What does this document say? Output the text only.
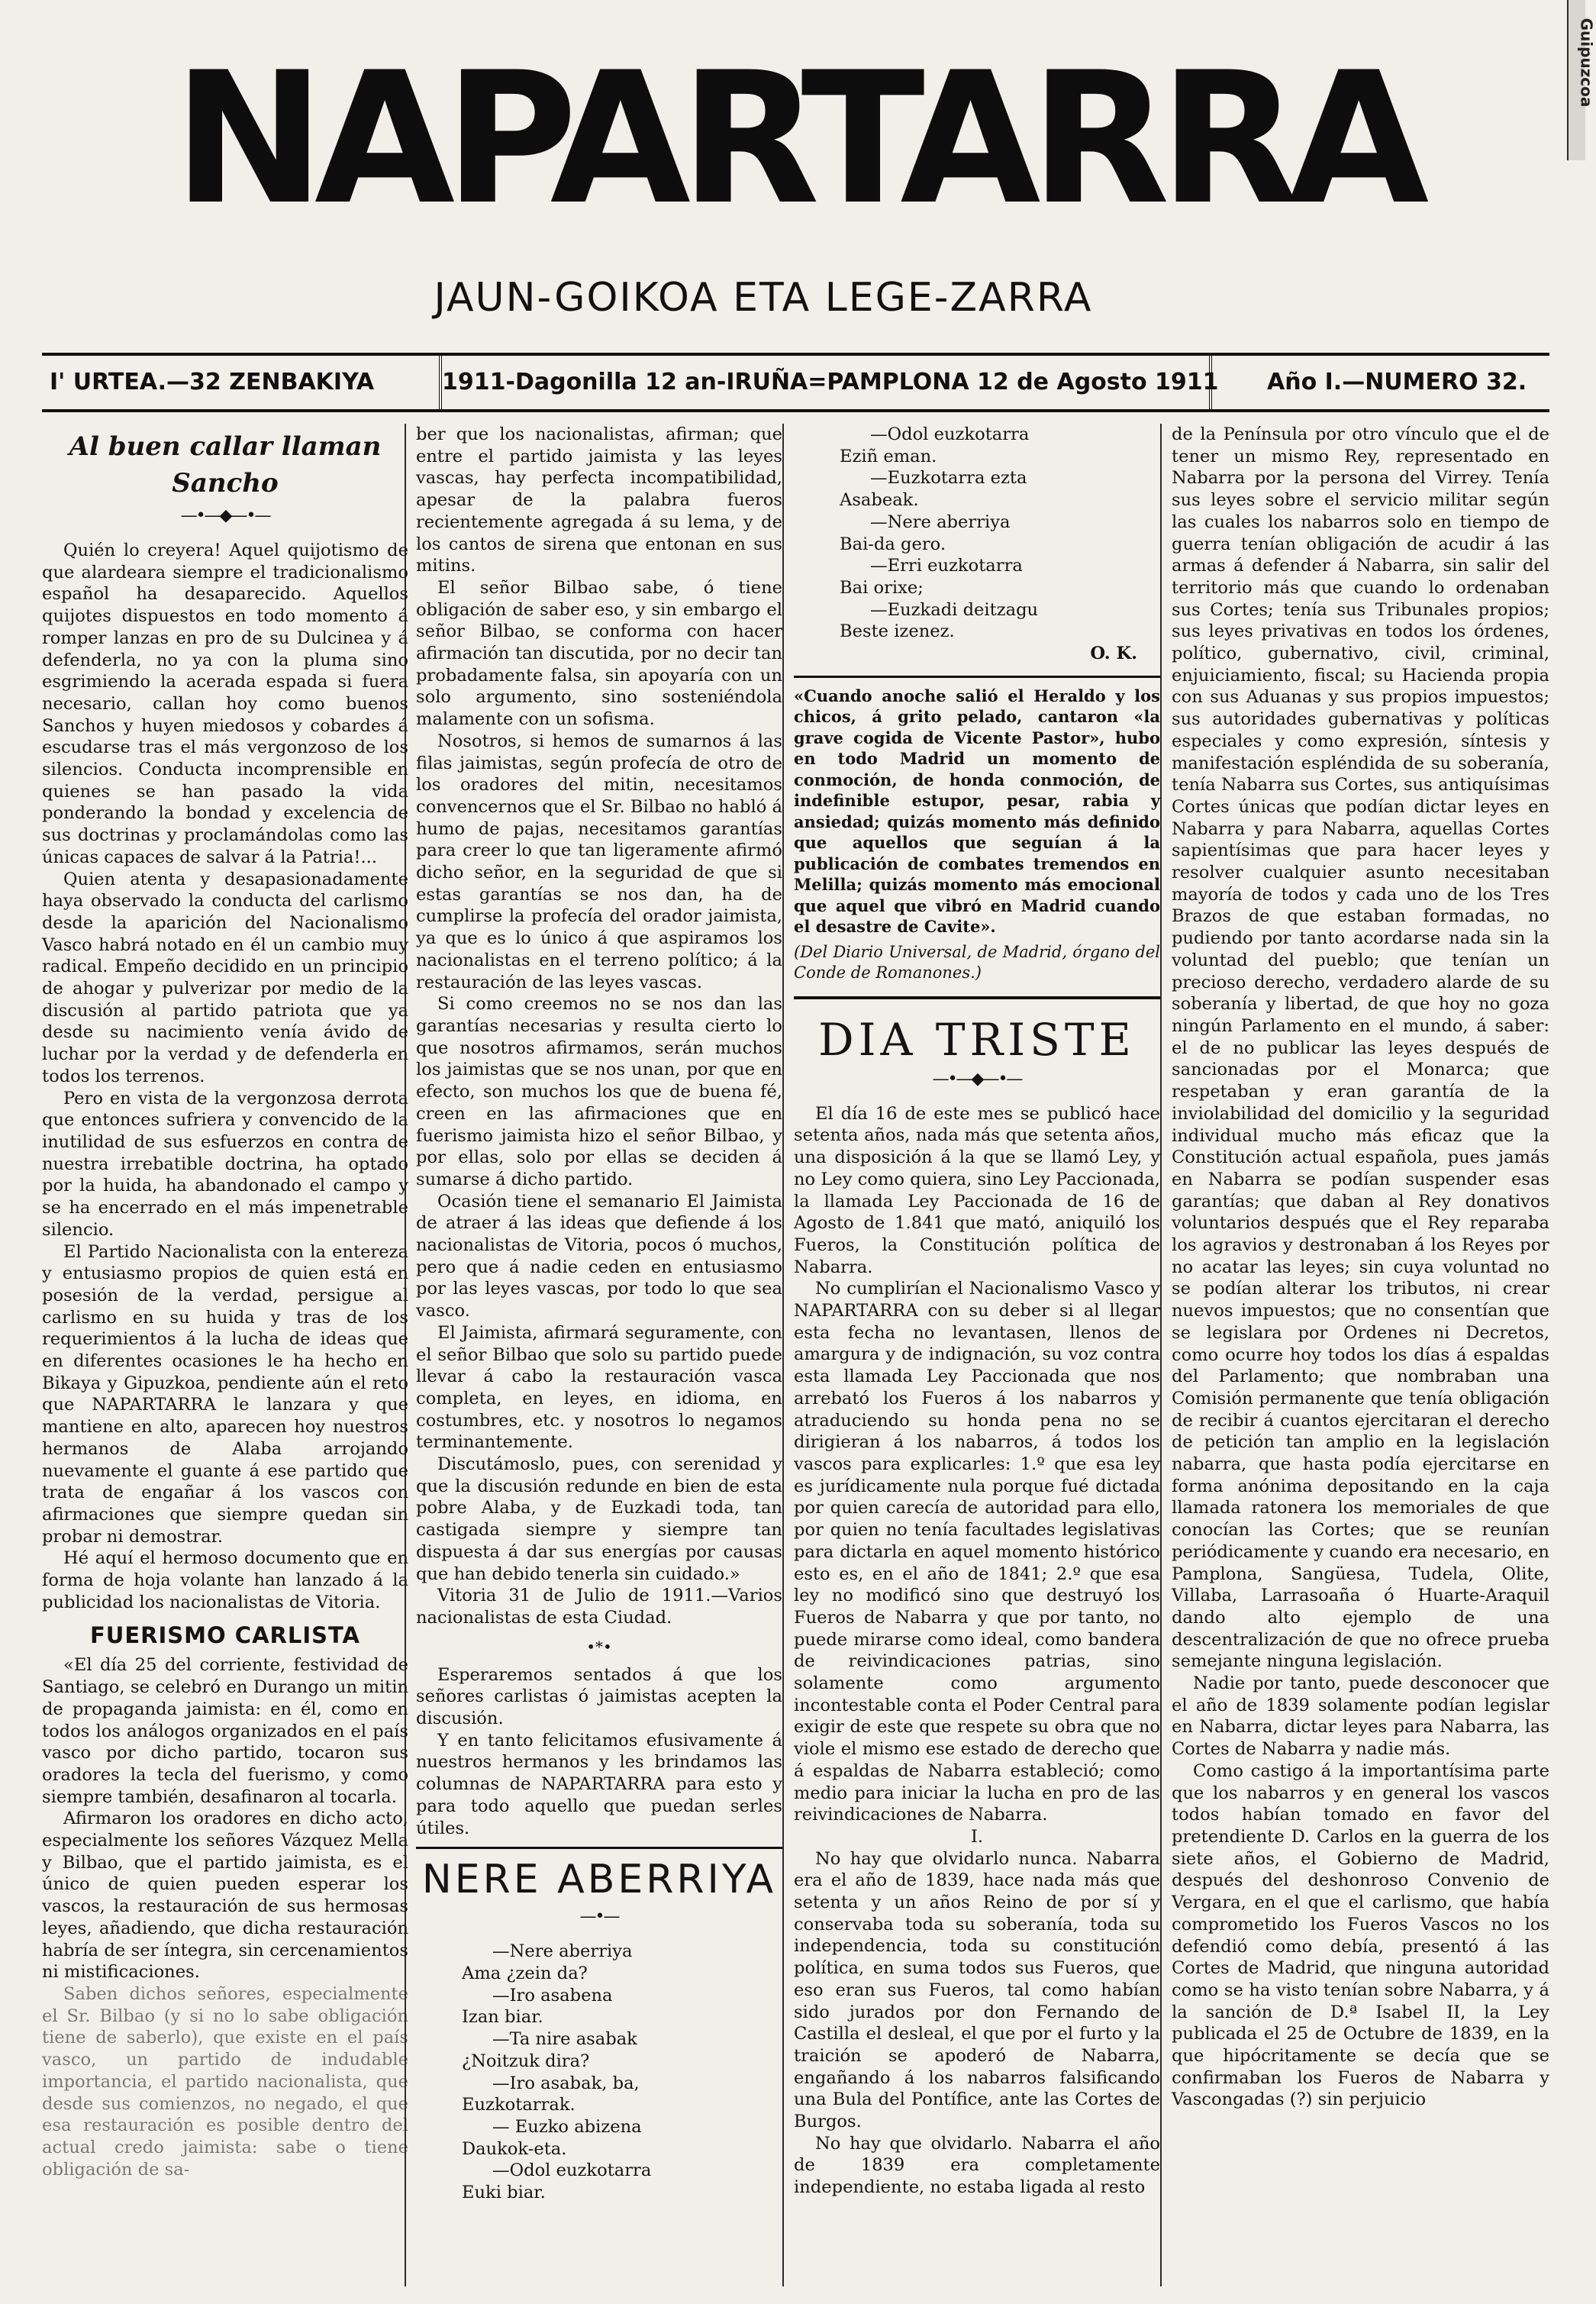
Guipuzcoa
NAPARTARRA
JAUN-GOIKOA ETA LEGE-ZARRA
I' URTEA.—32 ZENBAKIYA	1911-Dagonilla 12 an-IRUÑA=PAMPLONA 12 de Agosto 1911	Año I.—NUMERO 32.
Al buen callar llaman Sancho
—•—◆—•—

Quién lo creyera! Aquel quijotismo de que alardeara siempre el tradicionalismo español ha desaparecido. Aquellos quijotes dispuestos en todo momento á romper lanzas en pro de su Dulcinea y á defenderla, no ya con la pluma sino esgrimiendo la acerada espada si fuera necesario, callan hoy como buenos Sanchos y huyen miedosos y cobardes á escudarse tras el más vergonzoso de los silencios. Conducta incomprensible en quienes se han pasado la vida ponderando la bondad y excelencia de sus doctrinas y proclamándolas como las únicas capaces de salvar á la Patria!...

Quien atenta y desapasionadamente haya observado la conducta del carlismo desde la aparición del Nacionalismo Vasco habrá notado en él un cambio muy radical. Empeño decidido en un principio de ahogar y pulverizar por medio de la discusión al partido patriota que ya desde su nacimiento venía ávido de luchar por la verdad y de defenderla en todos los terrenos.

Pero en vista de la vergonzosa derrota que entonces sufriera y convencido de la inutilidad de sus esfuerzos en contra de nuestra irrebatible doctrina, ha optado por la huida, ha abandonado el campo y se ha encerrado en el más impenetrable silencio.

El Partido Nacionalista con la entereza y entusiasmo propios de quien está en posesión de la verdad, persigue al carlismo en su huida y tras de los requerimientos á la lucha de ideas que en diferentes ocasiones le ha hecho en Bikaya y Gipuzkoa, pendiente aún el reto que NAPARTARRA le lanzara y que mantiene en alto, aparecen hoy nuestros hermanos de Alaba arrojando nuevamente el guante á ese partido que trata de engañar á los vascos con afirmaciones que siempre quedan sin probar ni demostrar.

Hé aquí el hermoso documento que en forma de hoja volante han lanzado á la publicidad los nacionalistas de Vitoria.

FUERISMO CARLISTA

«El día 25 del corriente, festividad de Santiago, se celebró en Durango un mitin de propaganda jaimista: en él, como en todos los análogos organizados en el país vasco por dicho partido, tocaron sus oradores la tecla del fuerismo, y como siempre también, desafinaron al tocarla.

Afirmaron los oradores en dicho acto, especialmente los señores Vázquez Mella y Bilbao, que el partido jaimista, es el único de quien pueden esperar los vascos, la restauración de sus hermosas leyes, añadiendo, que dicha restauración habría de ser íntegra, sin cercenamientos ni mistificaciones.

Saben dichos señores, especialmente el Sr. Bilbao (y si no lo sabe obligación tiene de saberlo), que existe en el país vasco, un partido de indudable importancia, el partido nacionalista, que desde sus comienzos, no negado, el que esa restauración es posible dentro del actual credo jaimista: sabe o tiene obligación de sa-

ber que los nacionalistas, afirman; que entre el partido jaimista y las leyes vascas, hay perfecta incompatibilidad, apesar de la palabra fueros recientemente agregada á su lema, y de los cantos de sirena que entonan en sus mitins.

El señor Bilbao sabe, ó tiene obligación de saber eso, y sin embargo el señor Bilbao, se conforma con hacer afirmación tan discutida, por no decir tan probadamente falsa, sin apoyaría con un solo argumento, sino sosteniéndola malamente con un sofisma.

Nosotros, si hemos de sumarnos á las filas jaimistas, según profecía de otro de los oradores del mitin, necesitamos convencernos que el Sr. Bilbao no habló á humo de pajas, necesitamos garantías para creer lo que tan ligeramente afirmó dicho señor, en la seguridad de que si estas garantías se nos dan, ha de cumplirse la profecía del orador jaimista, ya que es lo único á que aspiramos los nacionalistas en el terreno político; á la restauración de las leyes vascas.

Si como creemos no se nos dan las garantías necesarias y resulta cierto lo que nosotros afirmamos, serán muchos los jaimistas que se nos unan, por que en efecto, son muchos los que de buena fé, creen en las afirmaciones que en fuerismo jaimista hizo el señor Bilbao, y por ellas, solo por ellas se deciden á sumarse á dicho partido.

Ocasión tiene el semanario El Jaimista de atraer á las ideas que defiende á los nacionalistas de Vitoria, pocos ó muchos, pero que á nadie ceden en entusiasmo por las leyes vascas, por todo lo que sea vasco.

El Jaimista, afirmará seguramente, con el señor Bilbao que solo su partido puede llevar á cabo la restauración vasca completa, en leyes, en idioma, en costumbres, etc. y nosotros lo negamos terminantemente.

Discutámoslo, pues, con serenidad y que la discusión redunde en bien de esta pobre Alaba, y de Euzkadi toda, tan castigada siempre y siempre tan dispuesta á dar sus energías por causas que han debido tenerla sin cuidado.»

Vitoria 31 de Julio de 1911.—Varios nacionalistas de esta Ciudad.

•*•

Esperaremos sentados á que los señores carlistas ó jaimistas acepten la discusión.

Y en tanto felicitamos efusivamente á nuestros hermanos y les brindamos las columnas de NAPARTARRA para esto y para todo aquello que puedan serles útiles.

NERE ABERRIYA
—•—

—Nere aberriya

Ama ¿zein da?

—Iro asabena

Izan biar.

—Ta nire asabak

¿Noitzuk dira?

—Iro asabak, ba,

Euzkotarrak.

— Euzko abizena

Daukok-eta.

—Odol euzkotarra

Euki biar.

—Odol euzkotarra

Eziñ eman.

—Euzkotarra ezta

Asabeak.

—Nere aberriya

Bai-da gero.

—Erri euzkotarra

Bai orixe;

—Euzkadi deitzagu

Beste izenez.

O. K.

«Cuando anoche salió el Heraldo y los chicos, á grito pelado, cantaron «la grave cogida de Vicente Pastor», hubo en todo Madrid un momento de conmoción, de honda conmoción, de indefinible estupor, pesar, rabia y ansiedad; quizás momento más definido que aquellos que seguían á la publicación de combates tremendos en Melilla; quizás momento más emocional que aquel que vibró en Madrid cuando el desastre de Cavite».
(Del Diario Universal, de Madrid, órgano del Conde de Romanones.)
DIA TRISTE
—•—◆—•—

El día 16 de este mes se publicó hace setenta años, nada más que setenta años, una disposición á la que se llamó Ley, y no Ley como quiera, sino Ley Paccionada, la llamada Ley Paccionada de 16 de Agosto de 1.841 que mató, aniquiló los Fueros, la Constitución política de Nabarra.

No cumplirían el Nacionalismo Vasco y NAPARTARRA con su deber si al llegar esta fecha no levantasen, llenos de amargura y de indignación, su voz contra esta llamada Ley Paccionada que nos arrebató los Fueros á los nabarros y atraduciendo su honda pena no se dirigieran á los nabarros, á todos los vascos para explicarles: 1.º que esa ley es jurídicamente nula porque fué dictada por quien carecía de autoridad para ello, por quien no tenía facultades legislativas para dictarla en aquel momento histórico esto es, en el año de 1841; 2.º que esa ley no modificó sino que destruyó los Fueros de Nabarra y que por tanto, no puede mirarse como ideal, como bandera de reivindicaciones patrias, sino solamente como argumento incontestable conta el Poder Central para exigir de este que respete su obra que no viole el mismo ese estado de derecho que á espaldas de Nabarra estableció; como medio para iniciar la lucha en pro de las reivindicaciones de Nabarra.

I.

No hay que olvidarlo nunca. Nabarra era el año de 1839, hace nada más que setenta y un años Reino de por sí y conservaba toda su soberanía, toda su independencia, toda su constitución política, en suma todos sus Fueros, que eso eran sus Fueros, tal como habían sido jurados por don Fernando de Castilla el desleal, el que por el furto y la traición se apoderó de Nabarra, engañando á los nabarros falsificando una Bula del Pontífice, ante las Cortes de Burgos.

No hay que olvidarlo. Nabarra el año de 1839 era completamente independiente, no estaba ligada al resto

de la Península por otro vínculo que el de tener un mismo Rey, representado en Nabarra por la persona del Virrey. Tenía sus leyes sobre el servicio militar según las cuales los nabarros solo en tiempo de guerra tenían obligación de acudir á las armas á defender á Nabarra, sin salir del territorio más que cuando lo ordenaban sus Cortes; tenía sus Tribunales propios; sus leyes privativas en todos los órdenes, político, gubernativo, civil, criminal, enjuiciamiento, fiscal; su Hacienda propia con sus Aduanas y sus propios impuestos; sus autoridades gubernativas y políticas especiales y como expresión, síntesis y manifestación espléndida de su soberanía, tenía Nabarra sus Cortes, sus antiquísimas Cortes únicas que podían dictar leyes en Nabarra y para Nabarra, aquellas Cortes sapientísimas que para hacer leyes y resolver cualquier asunto necesitaban mayoría de todos y cada uno de los Tres Brazos de que estaban formadas, no pudiendo por tanto acordarse nada sin la voluntad del pueblo; que tenían un precioso derecho, verdadero alarde de su soberanía y libertad, de que hoy no goza ningún Parlamento en el mundo, á saber: el de no publicar las leyes después de sancionadas por el Monarca; que respetaban y eran garantía de la inviolabilidad del domicilio y la seguridad individual mucho más eficaz que la Constitución actual española, pues jamás en Nabarra se podían suspender esas garantías; que daban al Rey donativos voluntarios después que el Rey reparaba los agravios y destronaban á los Reyes por no acatar las leyes; sin cuya voluntad no se podían alterar los tributos, ni crear nuevos impuestos; que no consentían que se legislara por Ordenes ni Decretos, como ocurre hoy todos los días á espaldas del Parlamento; que nombraban una Comisión permanente que tenía obligación de recibir á cuantos ejercitaran el derecho de petición tan amplio en la legislación nabarra, que hasta podía ejercitarse en forma anónima depositando en la caja llamada ratonera los memoriales de que conocían las Cortes; que se reunían periódicamente y cuando era necesario, en Pamplona, Sangüesa, Tudela, Olite, Villaba, Larrasoaña ó Huarte-Araquil dando alto ejemplo de una descentralización de que no ofrece prueba semejante ninguna legislación.

Nadie por tanto, puede desconocer que el año de 1839 solamente podían legislar en Nabarra, dictar leyes para Nabarra, las Cortes de Nabarra y nadie más.

Como castigo á la importantísima parte que los nabarros y en general los vascos todos habían tomado en favor del pretendiente D. Carlos en la guerra de los siete años, el Gobierno de Madrid, después del deshonroso Convenio de Vergara, en el que el carlismo, que había comprometido los Fueros Vascos no los defendió como debía, presentó á las Cortes de Madrid, que ninguna autoridad como se ha visto tenían sobre Nabarra, y á la sanción de D.ª Isabel II, la Ley publicada el 25 de Octubre de 1839, en la que hipócritamente se decía que se confirmaban los Fueros de Nabarra y Vascongadas (?) sin perjuicio
